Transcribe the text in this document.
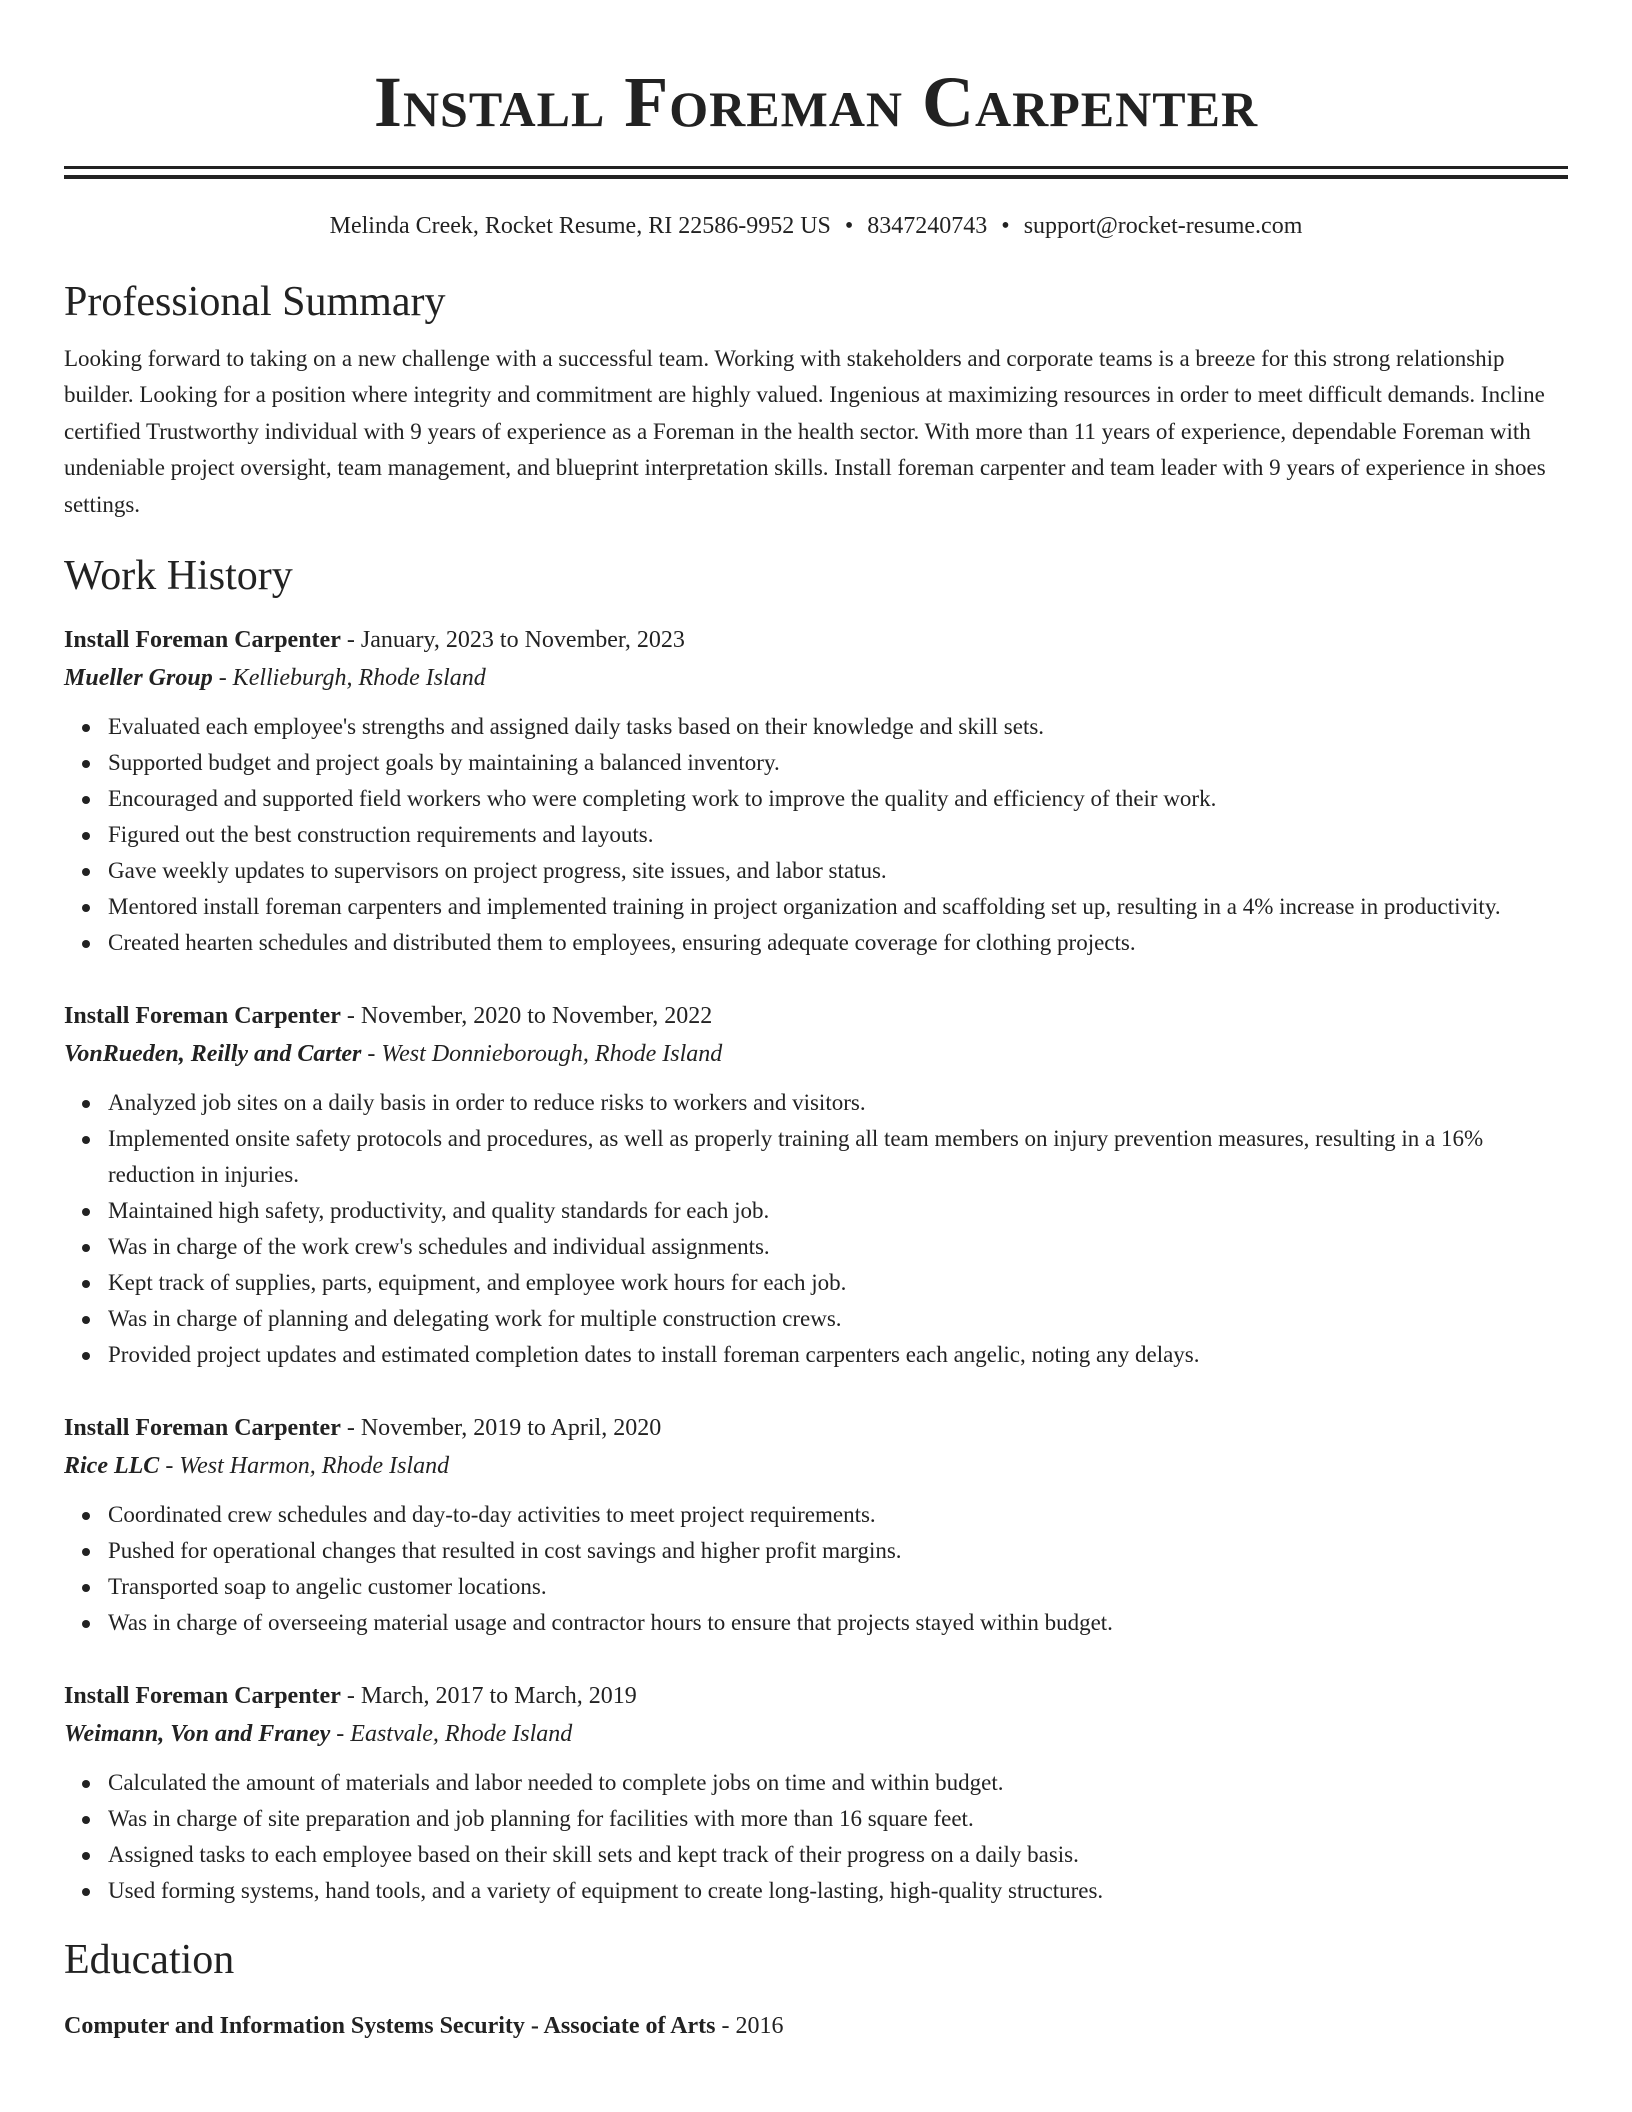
Install Foreman Carpenter
Melinda Creek, Rocket Resume, RI 22586-9952 US • 8347240743 • support@rocket-resume.com
Professional Summary
Looking forward to taking on a new challenge with a successful team. Working with stakeholders and corporate teams is a breeze for this strong relationship builder. Looking for a position where integrity and commitment are highly valued. Ingenious at maximizing resources in order to meet difficult demands. Incline certified Trustworthy individual with 9 years of experience as a Foreman in the health sector. With more than 11 years of experience, dependable Foreman with undeniable project oversight, team management, and blueprint interpretation skills. Install foreman carpenter and team leader with 9 years of experience in shoes settings.
Work History
Install Foreman Carpenter - January, 2023 to November, 2023
Mueller Group - Kellieburgh, Rhode Island
Evaluated each employee's strengths and assigned daily tasks based on their knowledge and skill sets.
Supported budget and project goals by maintaining a balanced inventory.
Encouraged and supported field workers who were completing work to improve the quality and efficiency of their work.
Figured out the best construction requirements and layouts.
Gave weekly updates to supervisors on project progress, site issues, and labor status.
Mentored install foreman carpenters and implemented training in project organization and scaffolding set up, resulting in a 4% increase in productivity.
Created hearten schedules and distributed them to employees, ensuring adequate coverage for clothing projects.
Install Foreman Carpenter - November, 2020 to November, 2022
VonRueden, Reilly and Carter - West Donnieborough, Rhode Island
Analyzed job sites on a daily basis in order to reduce risks to workers and visitors.
Implemented onsite safety protocols and procedures, as well as properly training all team members on injury prevention measures, resulting in a 16% reduction in injuries.
Maintained high safety, productivity, and quality standards for each job.
Was in charge of the work crew's schedules and individual assignments.
Kept track of supplies, parts, equipment, and employee work hours for each job.
Was in charge of planning and delegating work for multiple construction crews.
Provided project updates and estimated completion dates to install foreman carpenters each angelic, noting any delays.
Install Foreman Carpenter - November, 2019 to April, 2020
Rice LLC - West Harmon, Rhode Island
Coordinated crew schedules and day-to-day activities to meet project requirements.
Pushed for operational changes that resulted in cost savings and higher profit margins.
Transported soap to angelic customer locations.
Was in charge of overseeing material usage and contractor hours to ensure that projects stayed within budget.
Install Foreman Carpenter - March, 2017 to March, 2019
Weimann, Von and Franey - Eastvale, Rhode Island
Calculated the amount of materials and labor needed to complete jobs on time and within budget.
Was in charge of site preparation and job planning for facilities with more than 16 square feet.
Assigned tasks to each employee based on their skill sets and kept track of their progress on a daily basis.
Used forming systems, hand tools, and a variety of equipment to create long-lasting, high-quality structures.
Education
Computer and Information Systems Security - Associate of Arts - 2016
